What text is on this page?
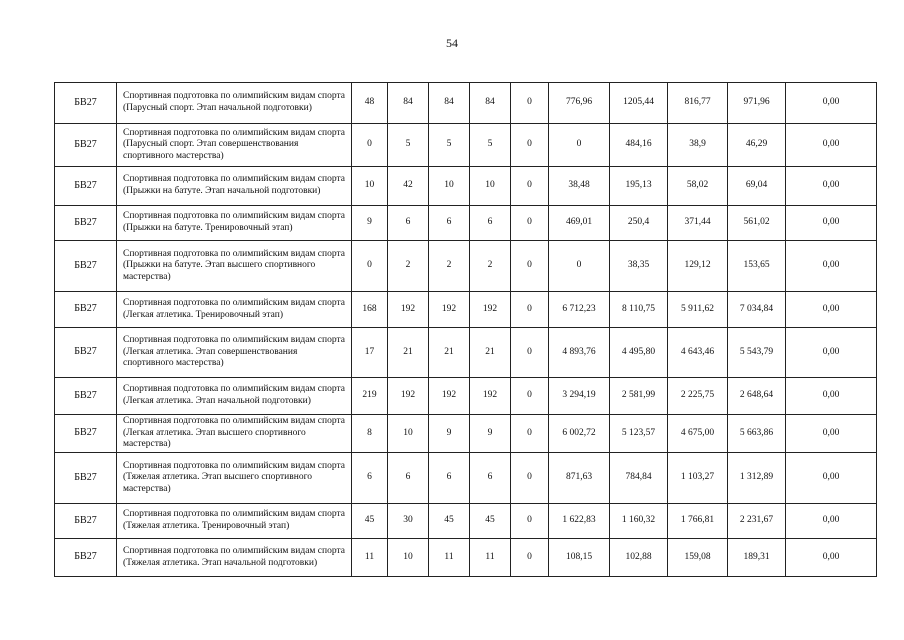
54
БВ27	Спортивная подготовка по олимпийским видам спорта (Парусный спорт. Этап начальной подготовки)	48	84	84	84	0	776,96	1205,44	816,77	971,96	0,00
БВ27	Спортивная подготовка по олимпийским видам спорта (Парусный спорт. Этап совершенствования спортивного мастерства)	0	5	5	5	0	0	484,16	38,9	46,29	0,00
БВ27	Спортивная подготовка по олимпийским видам спорта (Прыжки на батуте. Этап начальной подготовки)	10	42	10	10	0	38,48	195,13	58,02	69,04	0,00
БВ27	Спортивная подготовка по олимпийским видам спорта (Прыжки на батуте. Тренировочный этап)	9	6	6	6	0	469,01	250,4	371,44	561,02	0,00
БВ27	Спортивная подготовка по олимпийским видам спорта (Прыжки на батуте. Этап высшего спортивного мастерства)	0	2	2	2	0	0	38,35	129,12	153,65	0,00
БВ27	Спортивная подготовка по олимпийским видам спорта (Легкая атлетика. Тренировочный этап)	168	192	192	192	0	6 712,23	8 110,75	5 911,62	7 034,84	0,00
БВ27	Спортивная подготовка по олимпийским видам спорта (Легкая атлетика. Этап совершенствования спортивного мастерства)	17	21	21	21	0	4 893,76	4 495,80	4 643,46	5 543,79	0,00
БВ27	Спортивная подготовка по олимпийским видам спорта (Легкая атлетика. Этап начальной подготовки)	219	192	192	192	0	3 294,19	2 581,99	2 225,75	2 648,64	0,00
БВ27	Спортивная подготовка по олимпийским видам спорта (Легкая атлетика. Этап высшего спортивного мастерства)	8	10	9	9	0	6 002,72	5 123,57	4 675,00	5 663,86	0,00
БВ27	Спортивная подготовка по олимпийским видам спорта (Тяжелая атлетика. Этап высшего спортивного мастерства)	6	6	6	6	0	871,63	784,84	1 103,27	1 312,89	0,00
БВ27	Спортивная подготовка по олимпийским видам спорта (Тяжелая атлетика. Тренировочный этап)	45	30	45	45	0	1 622,83	1 160,32	1 766,81	2 231,67	0,00
БВ27	Спортивная подготовка по олимпийским видам спорта (Тяжелая атлетика. Этап начальной подготовки)	11	10	11	11	0	108,15	102,88	159,08	189,31	0,00
